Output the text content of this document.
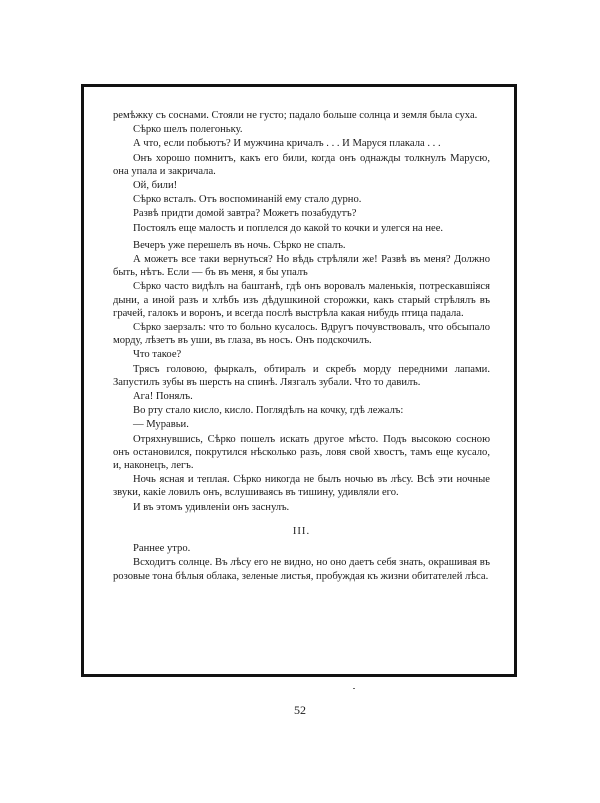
ремѣжку съ соснами. Стояли не густо; падало больше солнца и земля была суха.

Сѣрко шелъ полегоньку.

А что, если побьютъ? И мужчина кричалъ . . . И Маруся плакала . . .

Онъ хорошо помнитъ, какъ его били, когда онъ однажды толкнулъ Марусю, она упала и закричала.

Ой, били!

Сѣрко всталъ. Отъ воспоминаній ему стало дурно.

Развѣ придти домой завтра? Можетъ позабудутъ?

Постоялъ еще малость и поплелся до какой то кочки и улегся на нее.

Вечеръ уже перешелъ въ ночь. Сѣрко не спалъ.

А можетъ все таки вернуться? Но вѣдь стрѣляли же! Развѣ въ меня? Должно быть, нѣтъ. Если — бъ въ меня, я бы упалъ

Сѣрко часто видѣлъ на баштанѣ, гдѣ онъ воровалъ маленькія, потрескавшіяся дыни, а иной разъ и хлѣбъ изъ дѣдушкиной сторожки, какъ старый стрѣлялъ въ грачей, галокъ и воронъ, и всегда послѣ выстрѣла какая нибудь птица падала.

Сѣрко заерзалъ: что то больно кусалось. Вдругъ почувствовалъ, что обсыпало морду, лѣзетъ въ уши, въ глаза, въ носъ. Онъ подскочилъ.

Что такое?

Трясъ головою, фыркалъ, обтиралъ и скребъ морду передними лапами. Запустилъ зубы въ шерсть на спинѣ. Лязгалъ зубали. Что то давилъ.

Ага! Понялъ.

Во рту стало кисло, кисло. Поглядѣлъ на кочку, гдѣ лежалъ:

— Муравьи.

Отряхнувшись, Сѣрко пошелъ искать другое мѣсто. Подъ высокою сосною онъ остановился, покрутился нѣсколько разъ, ловя свой хвостъ, тамъ еще кусало, и, наконецъ, легъ.

Ночь ясная и теплая. Сѣрко никогда не былъ ночью въ лѣсу. Всѣ эти ночные звуки, какіе ловилъ онъ, вслушиваясь въ тишину, удивляли его.

И въ этомъ удивленіи онъ заснулъ.

III.

Раннее утро.

Всходитъ солнце. Въ лѣсу его не видно, но оно даетъ себя знать, окрашивая въ розовые тона бѣлыя облака, зеленые листья, пробуждая къ жизни обитателей лѣса.

52
